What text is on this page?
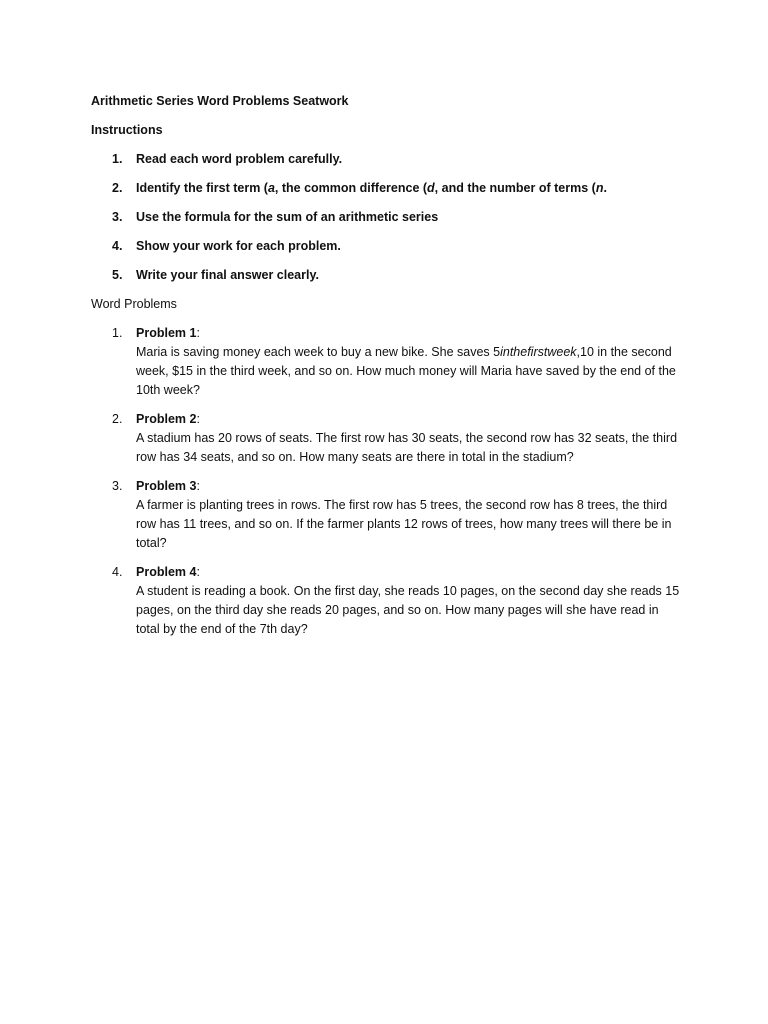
Arithmetic Series Word Problems Seatwork
Instructions
1.	Read each word problem carefully.
2.	Identify the first term (a, the common difference (d, and the number of terms (n.
3.	Use the formula for the sum of an arithmetic series
4.	Show your work for each problem.
5.	Write your final answer clearly.
Word Problems
1.	Problem 1:
Maria is saving money each week to buy a new bike. She saves 5inthefirstweek,10 in the second week, $15 in the third week, and so on. How much money will Maria have saved by the end of the 10th week?
2.	Problem 2:
A stadium has 20 rows of seats. The first row has 30 seats, the second row has 32 seats, the third row has 34 seats, and so on. How many seats are there in total in the stadium?
3.	Problem 3:
A farmer is planting trees in rows. The first row has 5 trees, the second row has 8 trees, the third row has 11 trees, and so on. If the farmer plants 12 rows of trees, how many trees will there be in total?
4.	Problem 4:
A student is reading a book. On the first day, she reads 10 pages, on the second day she reads 15 pages, on the third day she reads 20 pages, and so on. How many pages will she have read in total by the end of the 7th day?
